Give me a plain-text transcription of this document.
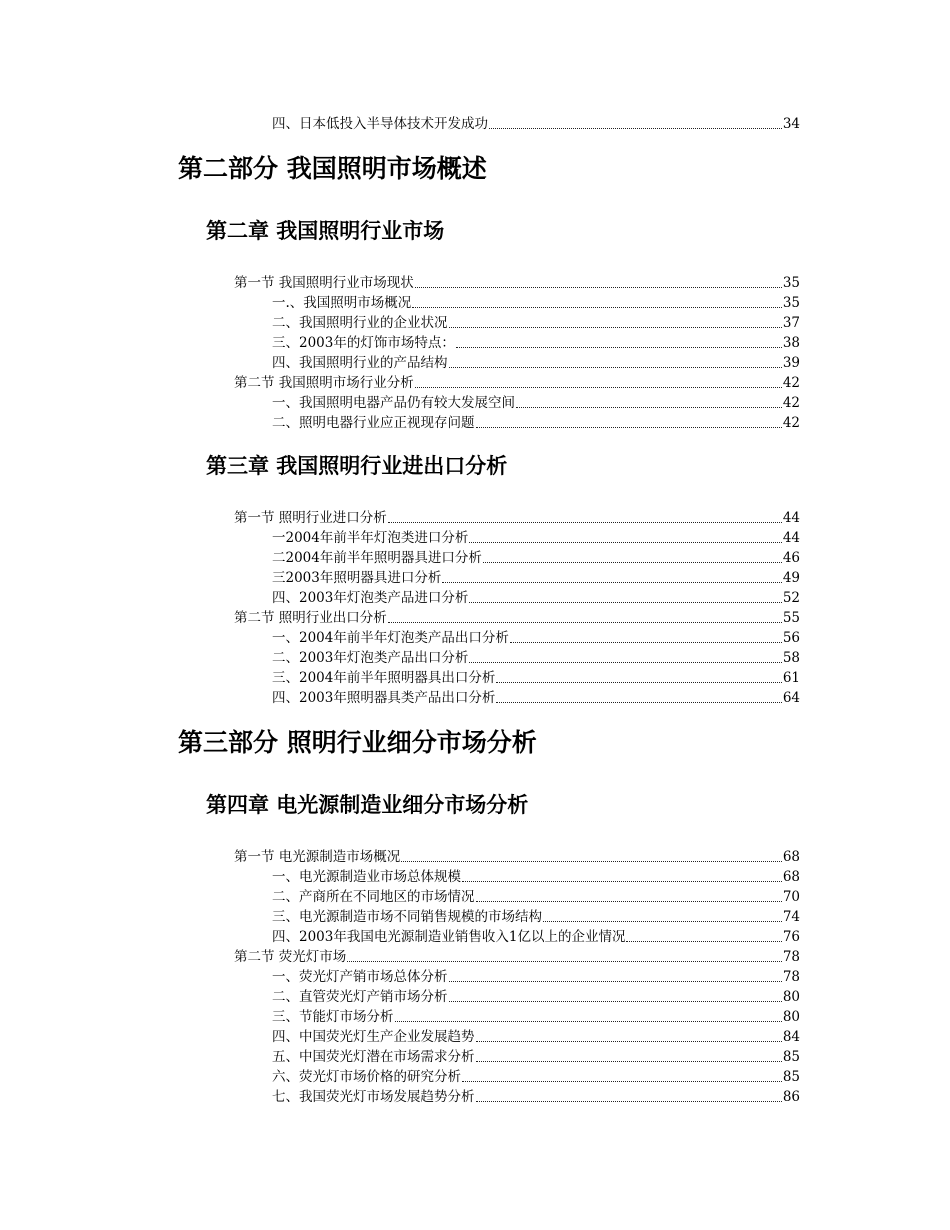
四、日本低投入半导体技术开发成功	34
第二部分 我国照明市场概述
第二章 我国照明行业市场
第一节 我国照明行业市场现状	35
一.、我国照明市场概况	35
二、我国照明行业的企业状况	37
三、2003年的灯饰市场特点：	38
四、我国照明行业的产品结构	39
第二节 我国照明市场行业分析	42
一、我国照明电器产品仍有较大发展空间	42
二、照明电器行业应正视现存问题	42
第三章 我国照明行业进出口分析
第一节 照明行业进口分析	44
一2004年前半年灯泡类进口分析	44
二2004年前半年照明器具进口分析	46
三2003年照明器具进口分析	49
四、2003年灯泡类产品进口分析	52
第二节 照明行业出口分析	55
一、2004年前半年灯泡类产品出口分析	56
二、2003年灯泡类产品出口分析	58
三、2004年前半年照明器具出口分析	61
四、2003年照明器具类产品出口分析	64
第三部分 照明行业细分市场分析
第四章 电光源制造业细分市场分析
第一节 电光源制造市场概况	68
一、电光源制造业市场总体规模	68
二、产商所在不同地区的市场情况	70
三、电光源制造市场不同销售规模的市场结构	74
四、2003年我国电光源制造业销售收入1亿以上的企业情况	76
第二节 荧光灯市场	78
一、荧光灯产销市场总体分析	78
二、直管荧光灯产销市场分析	80
三、节能灯市场分析	80
四、中国荧光灯生产企业发展趋势	84
五、中国荧光灯潜在市场需求分析	85
六、荧光灯市场价格的研究分析	85
七、我国荧光灯市场发展趋势分析	86
